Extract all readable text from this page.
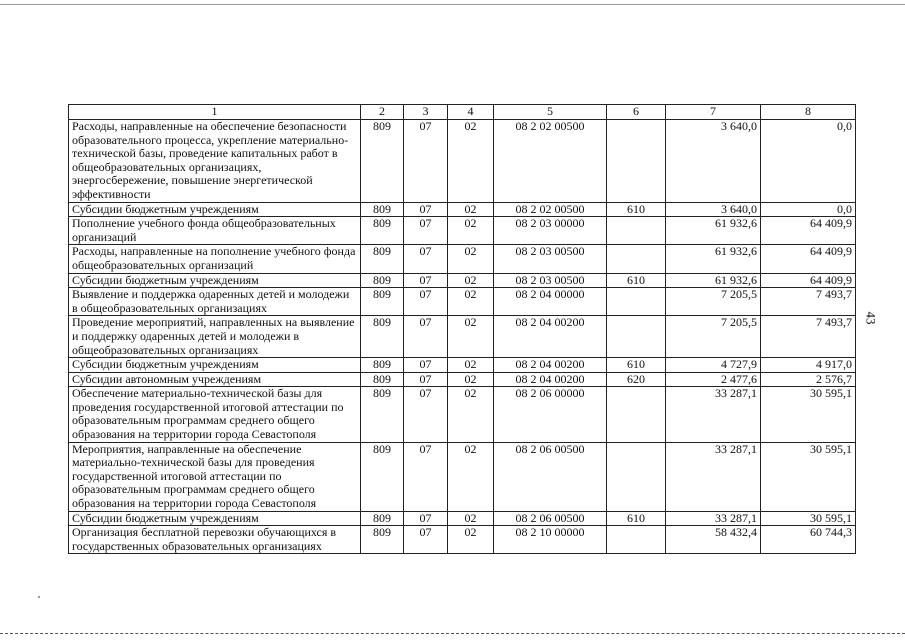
1	2	3	4	5	6	7	8
Расходы, направленные на обеспечение безопасности образовательного процесса, укрепление материально-технической базы, проведение капитальных работ в общеобразовательных организациях, энергосбережение, повышение энергетической эффективности	809	07	02	08 2 02 00500		3 640,0	0,0
Субсидии бюджетным учреждениям	809	07	02	08 2 02 00500	610	3 640,0	0,0
Пополнение учебного фонда общеобразовательных организаций	809	07	02	08 2 03 00000		61 932,6	64 409,9
Расходы, направленные на пополнение учебного фонда общеобразовательных организаций	809	07	02	08 2 03 00500		61 932,6	64 409,9
Субсидии бюджетным учреждениям	809	07	02	08 2 03 00500	610	61 932,6	64 409,9
Выявление и поддержка одаренных детей и молодежи в общеобразовательных организациях	809	07	02	08 2 04 00000		7 205,5	7 493,7
Проведение мероприятий, направленных на выявление и поддержку одаренных детей и молодежи в общеобразовательных организациях	809	07	02	08 2 04 00200		7 205,5	7 493,7
Субсидии бюджетным учреждениям	809	07	02	08 2 04 00200	610	4 727,9	4 917,0
Субсидии автономным учреждениям	809	07	02	08 2 04 00200	620	2 477,6	2 576,7
Обеспечение материально-технической базы для проведения государственной итоговой аттестации по образовательным программам среднего общего образования на территории города Севастополя	809	07	02	08 2 06 00000		33 287,1	30 595,1
Мероприятия, направленные на обеспечение материально-технической базы для проведения государственной итоговой аттестации по образовательным программам среднего общего образования на территории города Севастополя	809	07	02	08 2 06 00500		33 287,1	30 595,1
Субсидии бюджетным учреждениям	809	07	02	08 2 06 00500	610	33 287,1	30 595,1
Организация бесплатной перевозки обучающихся в государственных образовательных организациях	809	07	02	08 2 10 00000		58 432,4	60 744,3
43
